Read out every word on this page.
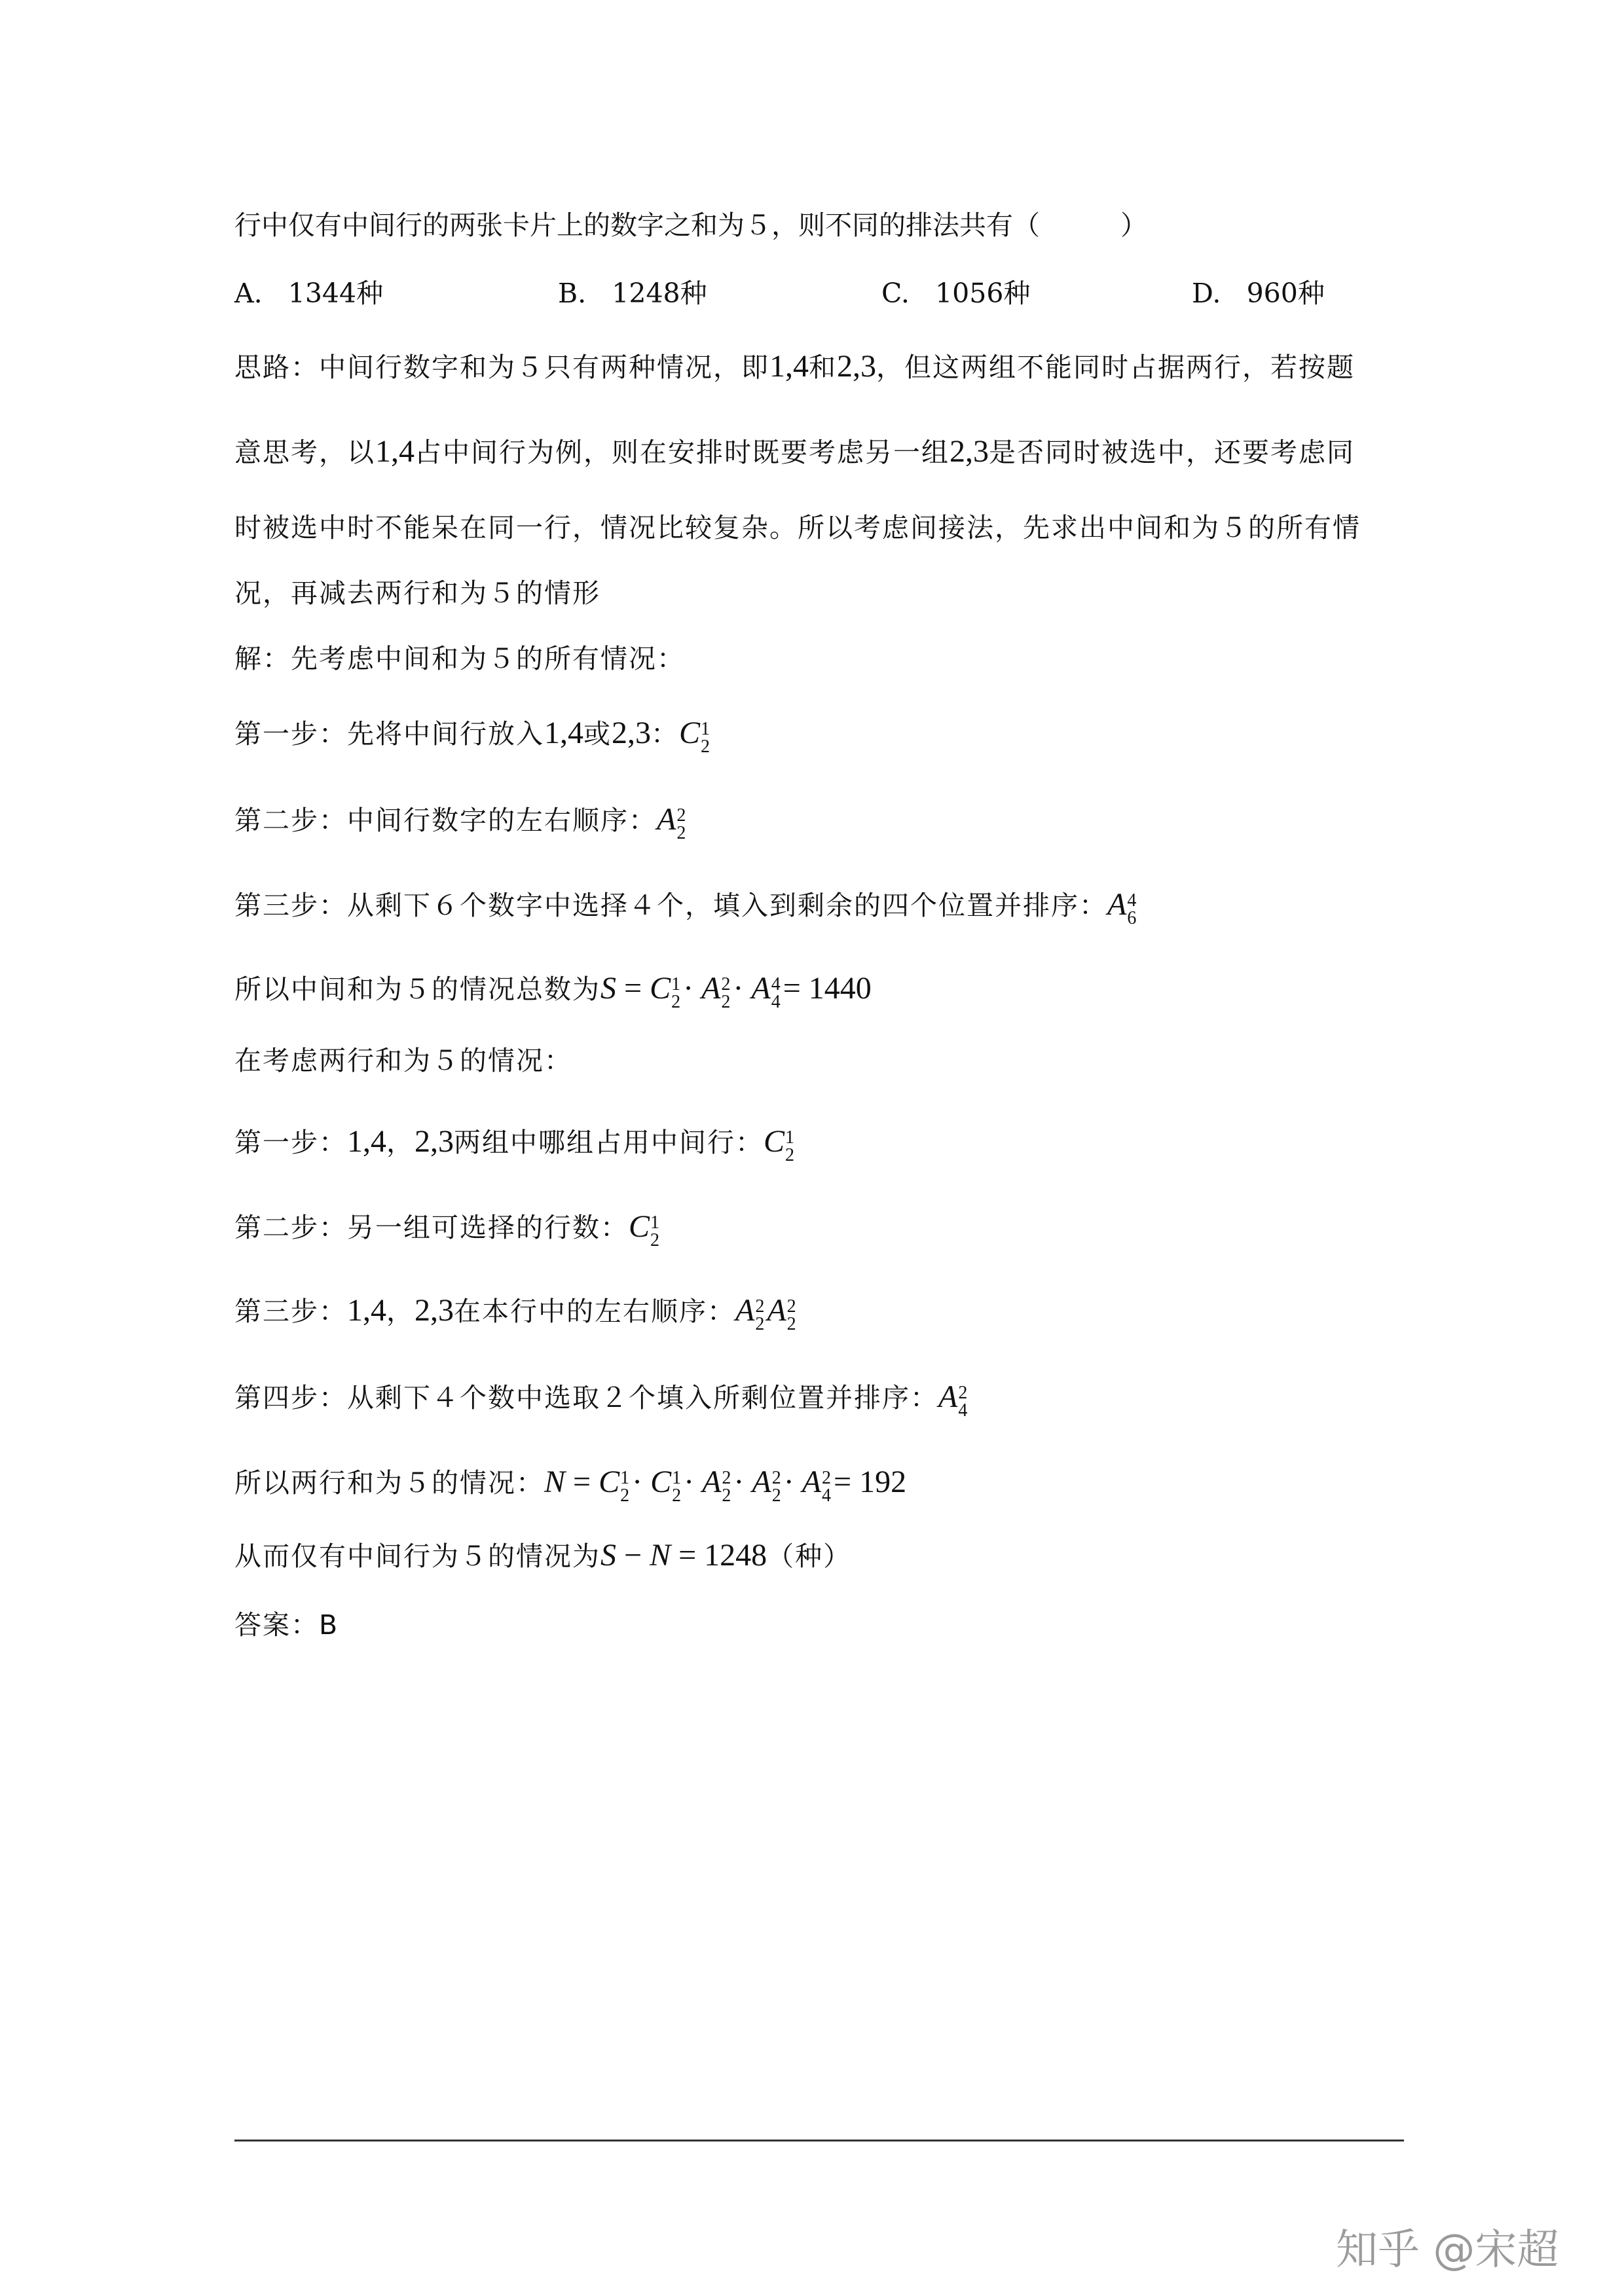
行中仅有中间行的两张卡片上的数字之和为５，则不同的排法共有（　　　）
A. 1344种	B. 1248种	C. 1056种	D. 960种
思路：中间行数字和为５只有两种情况，即1,4和2,3，但这两组不能同时占据两行，若按题
意思考，以1,4占中间行为例，则在安排时既要考虑另一组2,3是否同时被选中，还要考虑同
时被选中时不能呆在同一行，情况比较复杂。所以考虑间接法，先求出中间和为５的所有情
况，再减去两行和为５的情形
解：先考虑中间和为５的所有情况：
第一步：先将中间行放入1,4或2,3：C 1
2
第二步：中间行数字的左右顺序：A 2
2
第三步：从剩下６个数字中选择４个，填入到剩余的四个位置并排序：A 4
6
所以中间和为５的情况总数为S = C 1
2 · A 2
2 · A 4
4 = 1440
在考虑两行和为５的情况：
第一步：1,4，2,3两组中哪组占用中间行：C 1
2
第二步：另一组可选择的行数：C 1
2
第三步：1,4，2,3在本行中的左右顺序：A 2
2 A 2
2
第四步：从剩下４个数中选取２个填入所剩位置并排序：A 2
4
所以两行和为５的情况：N = C 1
2 · C 1
2 · A 2
2 · A 2
2 · A 2
4 = 192
从而仅有中间行为５的情况为S − N = 1248（种）
答案：B
知乎 @宋超
